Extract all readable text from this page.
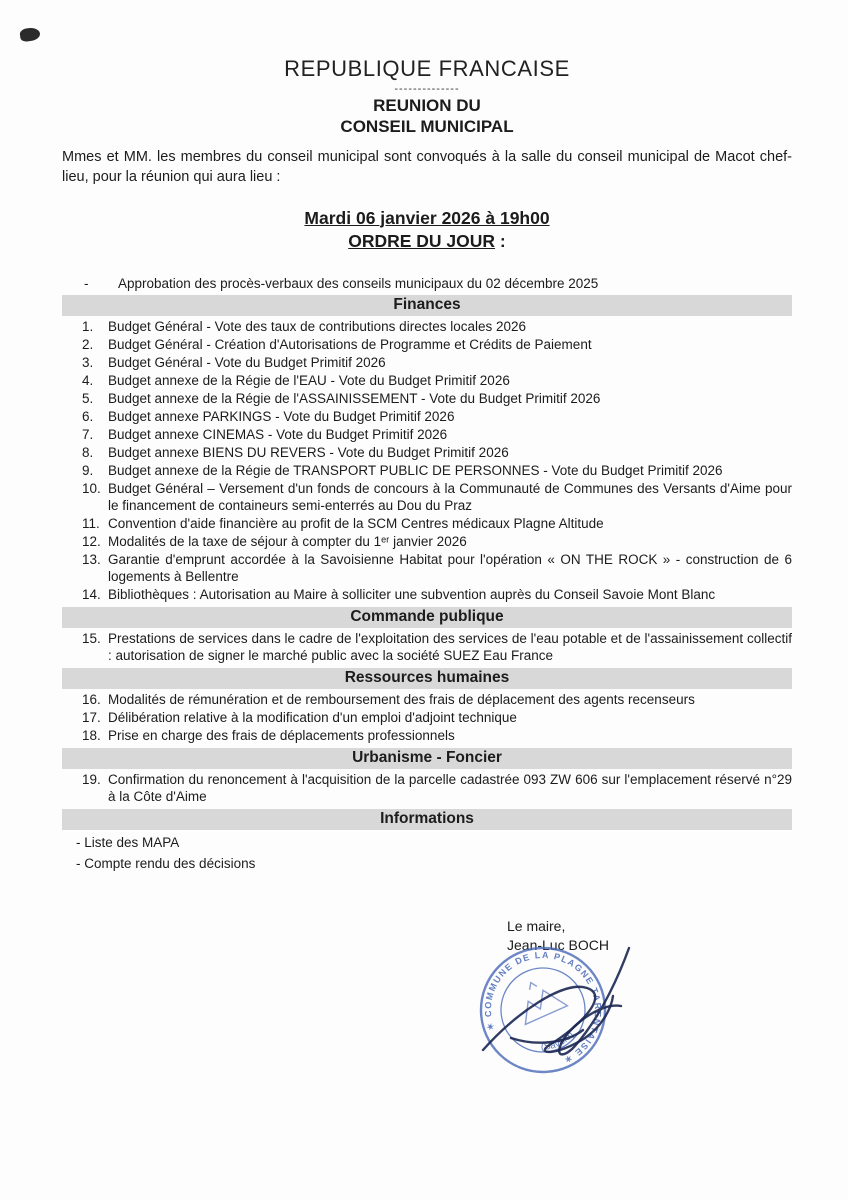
REPUBLIQUE FRANCAISE
--------------
REUNION DU
CONSEIL MUNICIPAL

Mmes et MM. les membres du conseil municipal sont convoqués à la salle du conseil municipal de Macot chef-lieu, pour la réunion qui aura lieu :

Mardi 06 janvier 2026 à 19h00
ORDRE DU JOUR :
-	Approbation des procès-verbaux des conseils municipaux du 02 décembre 2025
Finances
1.	Budget Général - Vote des taux de contributions directes locales 2026
2.	Budget Général - Création d'Autorisations de Programme et Crédits de Paiement
3.	Budget Général - Vote du Budget Primitif 2026
4.	Budget annexe de la Régie de l'EAU - Vote du Budget Primitif 2026
5.	Budget annexe de la Régie de l'ASSAINISSEMENT - Vote du Budget Primitif 2026
6.	Budget annexe PARKINGS - Vote du Budget Primitif 2026
7.	Budget annexe CINEMAS - Vote du Budget Primitif 2026
8.	Budget annexe BIENS DU REVERS - Vote du Budget Primitif 2026
9.	Budget annexe de la Régie de TRANSPORT PUBLIC DE PERSONNES - Vote du Budget Primitif 2026
10. Budget Général – Versement d'un fonds de concours à la Communauté de Communes des Versants d'Aime pour le financement de containeurs semi-enterrés au Dou du Praz
11. Convention d'aide financière au profit de la SCM Centres médicaux Plagne Altitude
12. Modalités de la taxe de séjour à compter du 1ᵉʳ janvier 2026
13. Garantie d'emprunt accordée à la Savoisienne Habitat pour l'opération « ON THE ROCK » - construction de 6 logements à Bellentre
14. Bibliothèques : Autorisation au Maire à solliciter une subvention auprès du Conseil Savoie Mont Blanc
Commande publique
15. Prestations de services dans le cadre de l'exploitation des services de l'eau potable et de l'assainissement collectif : autorisation de signer le marché public avec la société SUEZ Eau France
Ressources humaines
16. Modalités de rémunération et de remboursement des frais de déplacement des agents recenseurs
17. Délibération relative à la modification d'un emploi d'adjoint technique
18. Prise en charge des frais de déplacements professionnels
Urbanisme - Foncier
19. Confirmation du renoncement à l'acquisition de la parcelle cadastrée 093 ZW 606 sur l'emplacement réservé n°29 à la Côte d'Aime
Informations
- Liste des MAPA
- Compte rendu des décisions
Le maire,
Jean-Luc BOCH
✶ COMMUNE DE LA PLAGNE TARENTAISE ✶
(Savoie)
